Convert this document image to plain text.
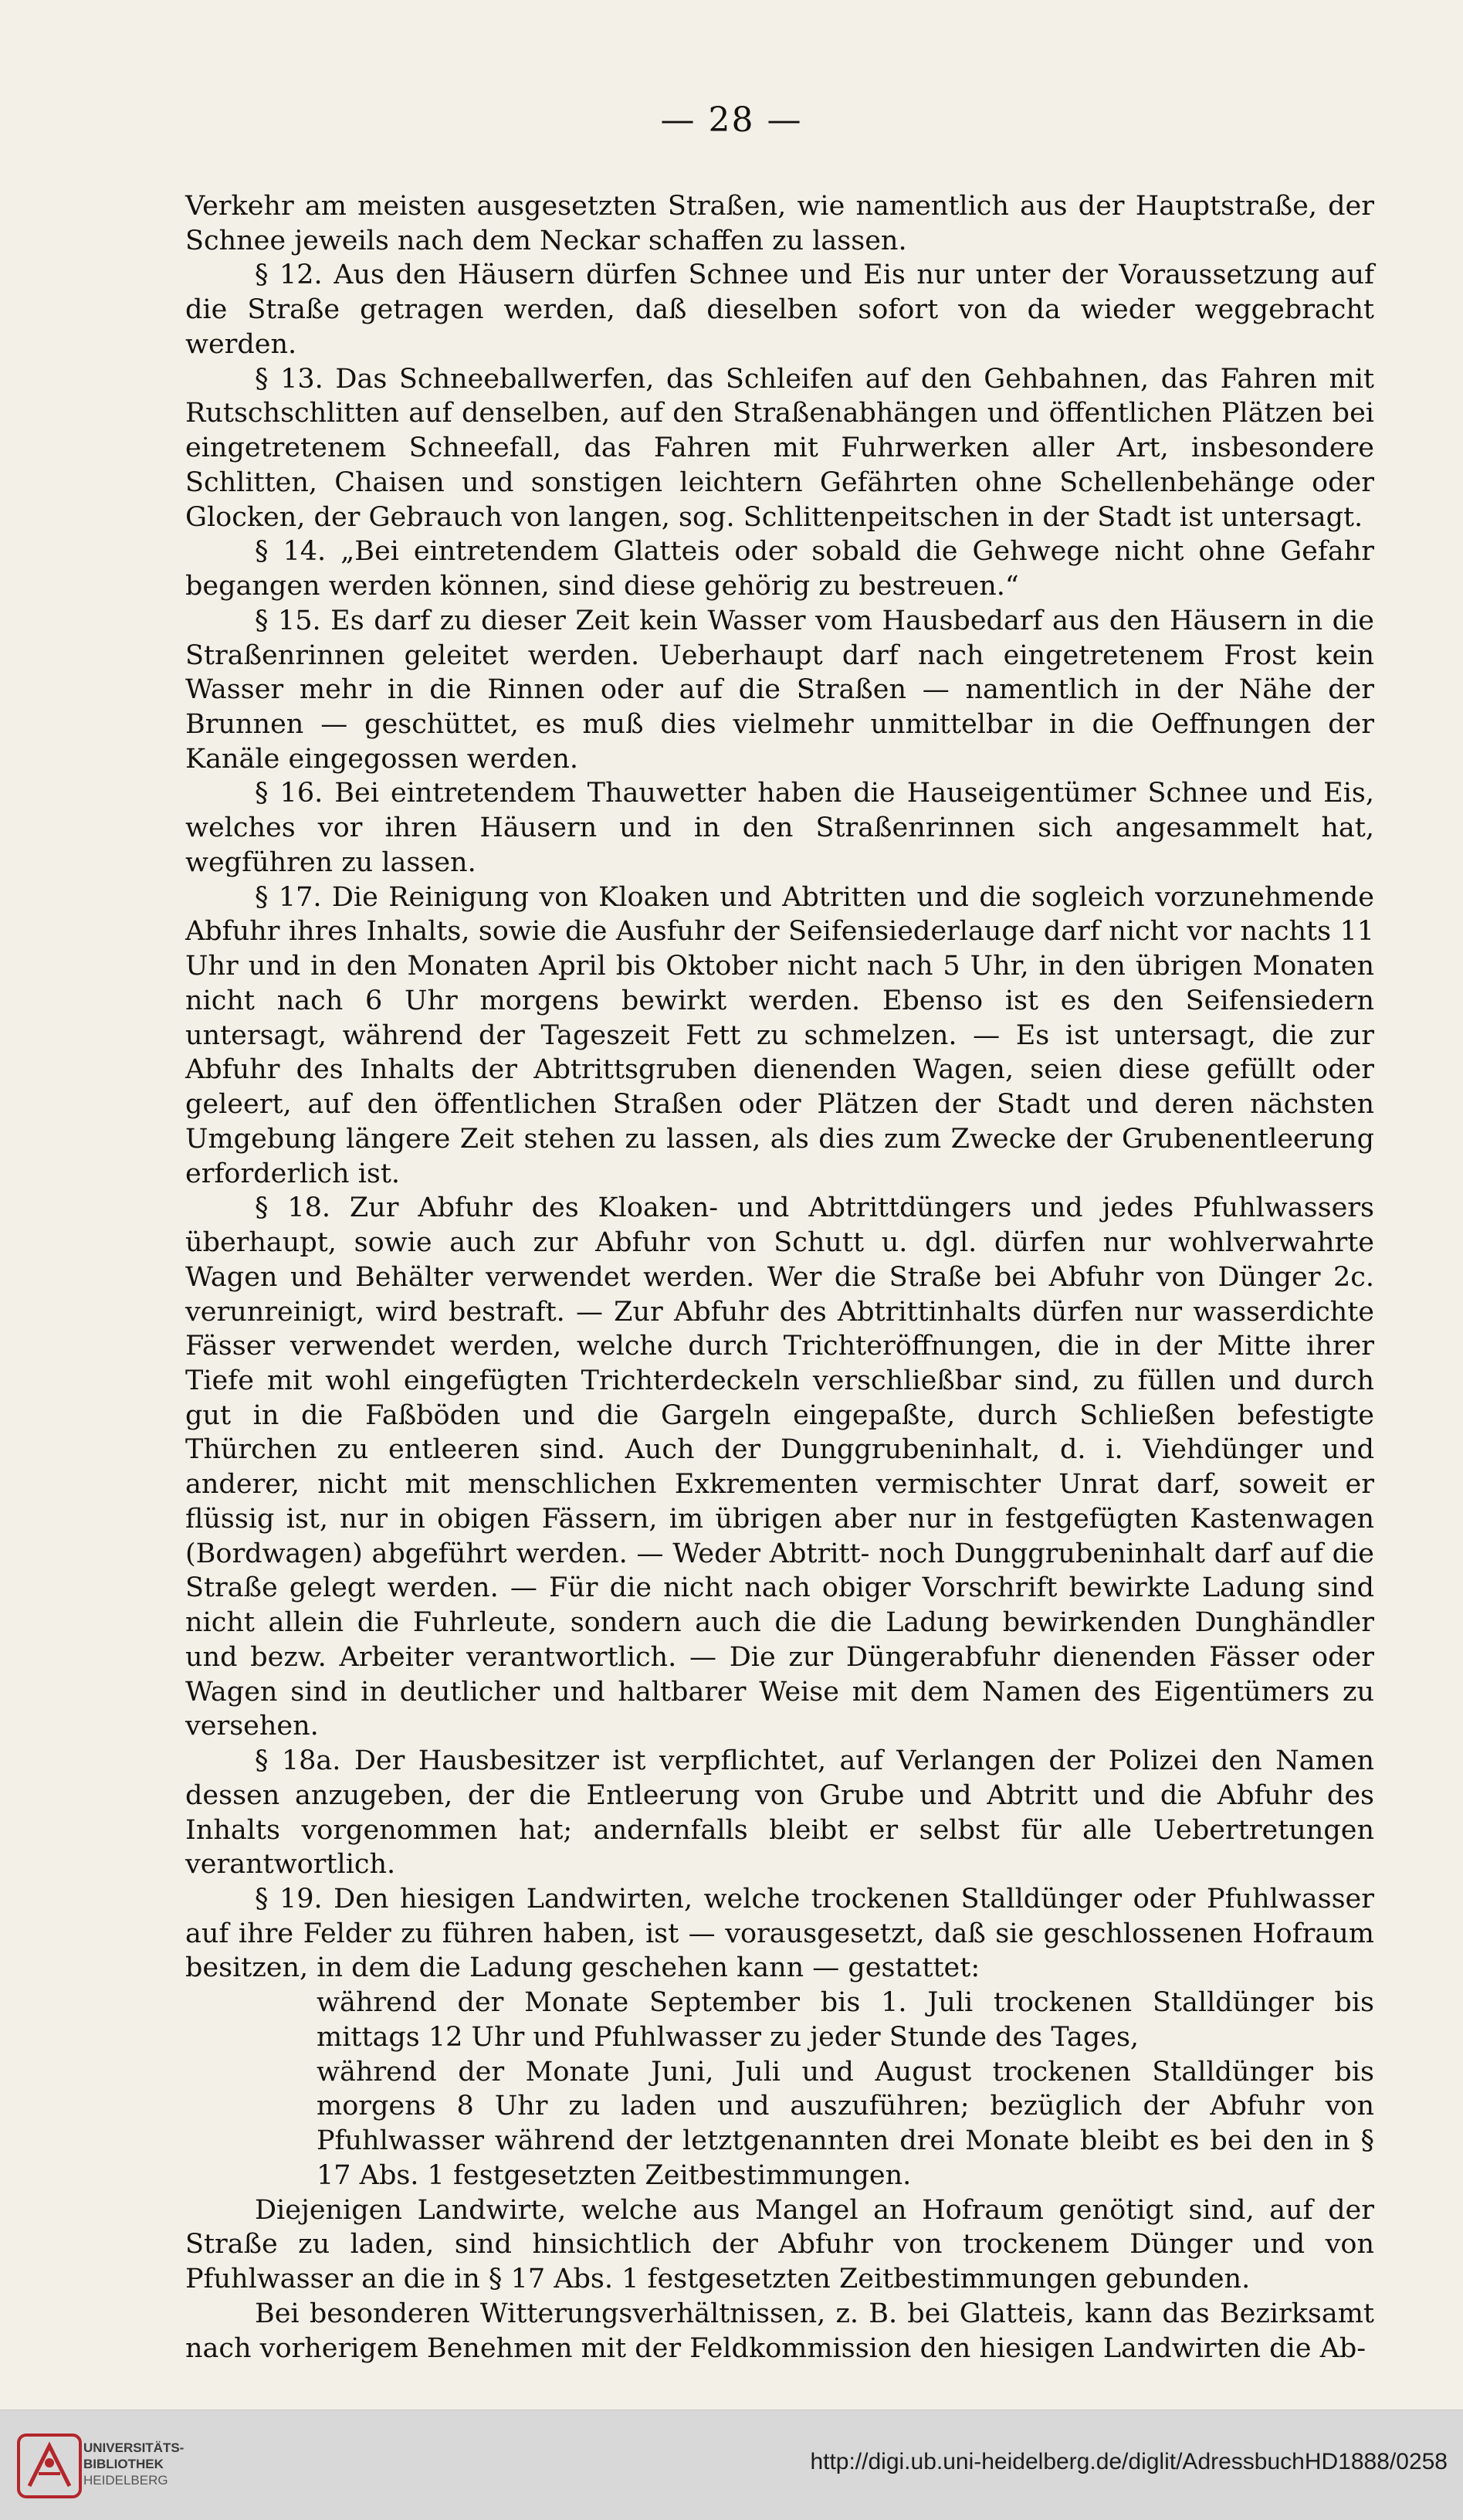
— 28 —

Verkehr am meisten ausgesetzten Straßen, wie namentlich aus der Hauptstraße, der Schnee jeweils nach dem Neckar schaffen zu lassen.

§ 12. Aus den Häusern dürfen Schnee und Eis nur unter der Voraussetzung auf die Straße getragen werden, daß dieselben sofort von da wieder weggebracht werden.

§ 13. Das Schneeballwerfen, das Schleifen auf den Gehbahnen, das Fahren mit Rutschschlitten auf denselben, auf den Straßenabhängen und öffentlichen Plätzen bei eingetretenem Schneefall, das Fahren mit Fuhrwerken aller Art, insbesondere Schlitten, Chaisen und sonstigen leichtern Gefährten ohne Schellenbehänge oder Glocken, der Gebrauch von langen, sog. Schlittenpeitschen in der Stadt ist untersagt.

§ 14. „Bei eintretendem Glatteis oder sobald die Gehwege nicht ohne Gefahr begangen werden können, sind diese gehörig zu bestreuen.“

§ 15. Es darf zu dieser Zeit kein Wasser vom Hausbedarf aus den Häusern in die Straßenrinnen geleitet werden. Ueberhaupt darf nach eingetretenem Frost kein Wasser mehr in die Rinnen oder auf die Straßen — namentlich in der Nähe der Brunnen — geschüttet, es muß dies vielmehr unmittelbar in die Oeffnungen der Kanäle eingegossen werden.

§ 16. Bei eintretendem Thauwetter haben die Hauseigentümer Schnee und Eis, welches vor ihren Häusern und in den Straßenrinnen sich angesammelt hat, wegführen zu lassen.

§ 17. Die Reinigung von Kloaken und Abtritten und die sogleich vorzunehmende Abfuhr ihres Inhalts, sowie die Ausfuhr der Seifensiederlauge darf nicht vor nachts 11 Uhr und in den Monaten April bis Oktober nicht nach 5 Uhr, in den übrigen Monaten nicht nach 6 Uhr morgens bewirkt werden. Ebenso ist es den Seifensiedern untersagt, während der Tageszeit Fett zu schmelzen. — Es ist untersagt, die zur Abfuhr des Inhalts der Abtrittsgruben dienenden Wagen, seien diese gefüllt oder geleert, auf den öffentlichen Straßen oder Plätzen der Stadt und deren nächsten Umgebung längere Zeit stehen zu lassen, als dies zum Zwecke der Grubenentleerung erforderlich ist.

§ 18. Zur Abfuhr des Kloaken- und Abtrittdüngers und jedes Pfuhlwassers überhaupt, sowie auch zur Abfuhr von Schutt u. dgl. dürfen nur wohlverwahrte Wagen und Behälter verwendet werden. Wer die Straße bei Abfuhr von Dünger 2c. verunreinigt, wird bestraft. — Zur Abfuhr des Abtrittinhalts dürfen nur wasserdichte Fässer verwendet werden, welche durch Trichteröffnungen, die in der Mitte ihrer Tiefe mit wohl eingefügten Trichterdeckeln verschließbar sind, zu füllen und durch gut in die Faßböden und die Gargeln eingepaßte, durch Schließen befestigte Thürchen zu entleeren sind. Auch der Dunggrubeninhalt, d. i. Viehdünger und anderer, nicht mit menschlichen Exkrementen vermischter Unrat darf, soweit er flüssig ist, nur in obigen Fässern, im übrigen aber nur in festgefügten Kastenwagen (Bordwagen) abgeführt werden. — Weder Abtritt- noch Dunggrubeninhalt darf auf die Straße gelegt werden. — Für die nicht nach obiger Vorschrift bewirkte Ladung sind nicht allein die Fuhrleute, sondern auch die die Ladung bewirkenden Dunghändler und bezw. Arbeiter verantwortlich. — Die zur Düngerabfuhr dienenden Fässer oder Wagen sind in deutlicher und haltbarer Weise mit dem Namen des Eigentümers zu versehen.

§ 18a. Der Hausbesitzer ist verpflichtet, auf Verlangen der Polizei den Namen dessen anzugeben, der die Entleerung von Grube und Abtritt und die Abfuhr des Inhalts vorgenommen hat; andernfalls bleibt er selbst für alle Uebertretungen verantwortlich.

§ 19. Den hiesigen Landwirten, welche trockenen Stalldünger oder Pfuhlwasser auf ihre Felder zu führen haben, ist — vorausgesetzt, daß sie geschlossenen Hofraum besitzen, in dem die Ladung geschehen kann — gestattet:

während der Monate September bis 1. Juli trockenen Stalldünger bis mittags 12 Uhr und Pfuhlwasser zu jeder Stunde des Tages,

während der Monate Juni, Juli und August trockenen Stalldünger bis morgens 8 Uhr zu laden und auszuführen; bezüglich der Abfuhr von Pfuhlwasser während der letztgenannten drei Monate bleibt es bei den in § 17 Abs. 1 festgesetzten Zeitbestimmungen.

Diejenigen Landwirte, welche aus Mangel an Hofraum genötigt sind, auf der Straße zu laden, sind hinsichtlich der Abfuhr von trockenem Dünger und von Pfuhlwasser an die in § 17 Abs. 1 festgesetzten Zeitbestimmungen gebunden.

Bei besonderen Witterungsverhältnissen, z. B. bei Glatteis, kann das Bezirksamt nach vorherigem Benehmen mit der Feldkommission den hiesigen Landwirten die Ab-

UNIVERSITÄTS-
BIBLIOTHEK
HEIDELBERG
http://digi.ub.uni-heidelberg.de/diglit/AdressbuchHD1888/0258
